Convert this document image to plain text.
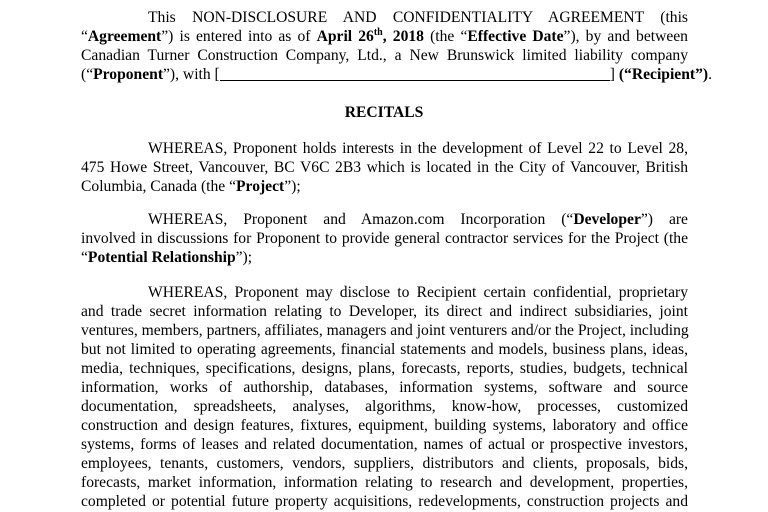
This NON-DISCLOSURE AND CONFIDENTIALITY AGREEMENT (this
“Agreement”) is entered into as of April 26th, 2018 (the “Effective Date”), by and between
Canadian Turner Construction Company, Ltd., a New Brunswick limited liability company
(“Proponent”), with [	] (“Recipient”).
RECITALS
WHEREAS, Proponent holds interests in the development of Level 22 to Level 28,
475 Howe Street, Vancouver, BC V6C 2B3 which is located in the City of Vancouver, British
Columbia, Canada (the “Project”);
WHEREAS, Proponent and Amazon.com Incorporation (“Developer”) are
involved in discussions for Proponent to provide general contractor services for the Project (the
“Potential Relationship”);
WHEREAS, Proponent may disclose to Recipient certain confidential, proprietary
and trade secret information relating to Developer, its direct and indirect subsidiaries, joint
ventures, members, partners, affiliates, managers and joint venturers and/or the Project, including
but not limited to operating agreements, financial statements and models, business plans, ideas,
media, techniques, specifications, designs, plans, forecasts, reports, studies, budgets, technical
information, works of authorship, databases, information systems, software and source
documentation, spreadsheets, analyses, algorithms, know-how, processes, customized
construction and design features, fixtures, equipment, building systems, laboratory and office
systems, forms of leases and related documentation, names of actual or prospective investors,
employees, tenants, customers, vendors, suppliers, distributors and clients, proposals, bids,
forecasts, market information, information relating to research and development, properties,
completed or potential future property acquisitions, redevelopments, construction projects and
